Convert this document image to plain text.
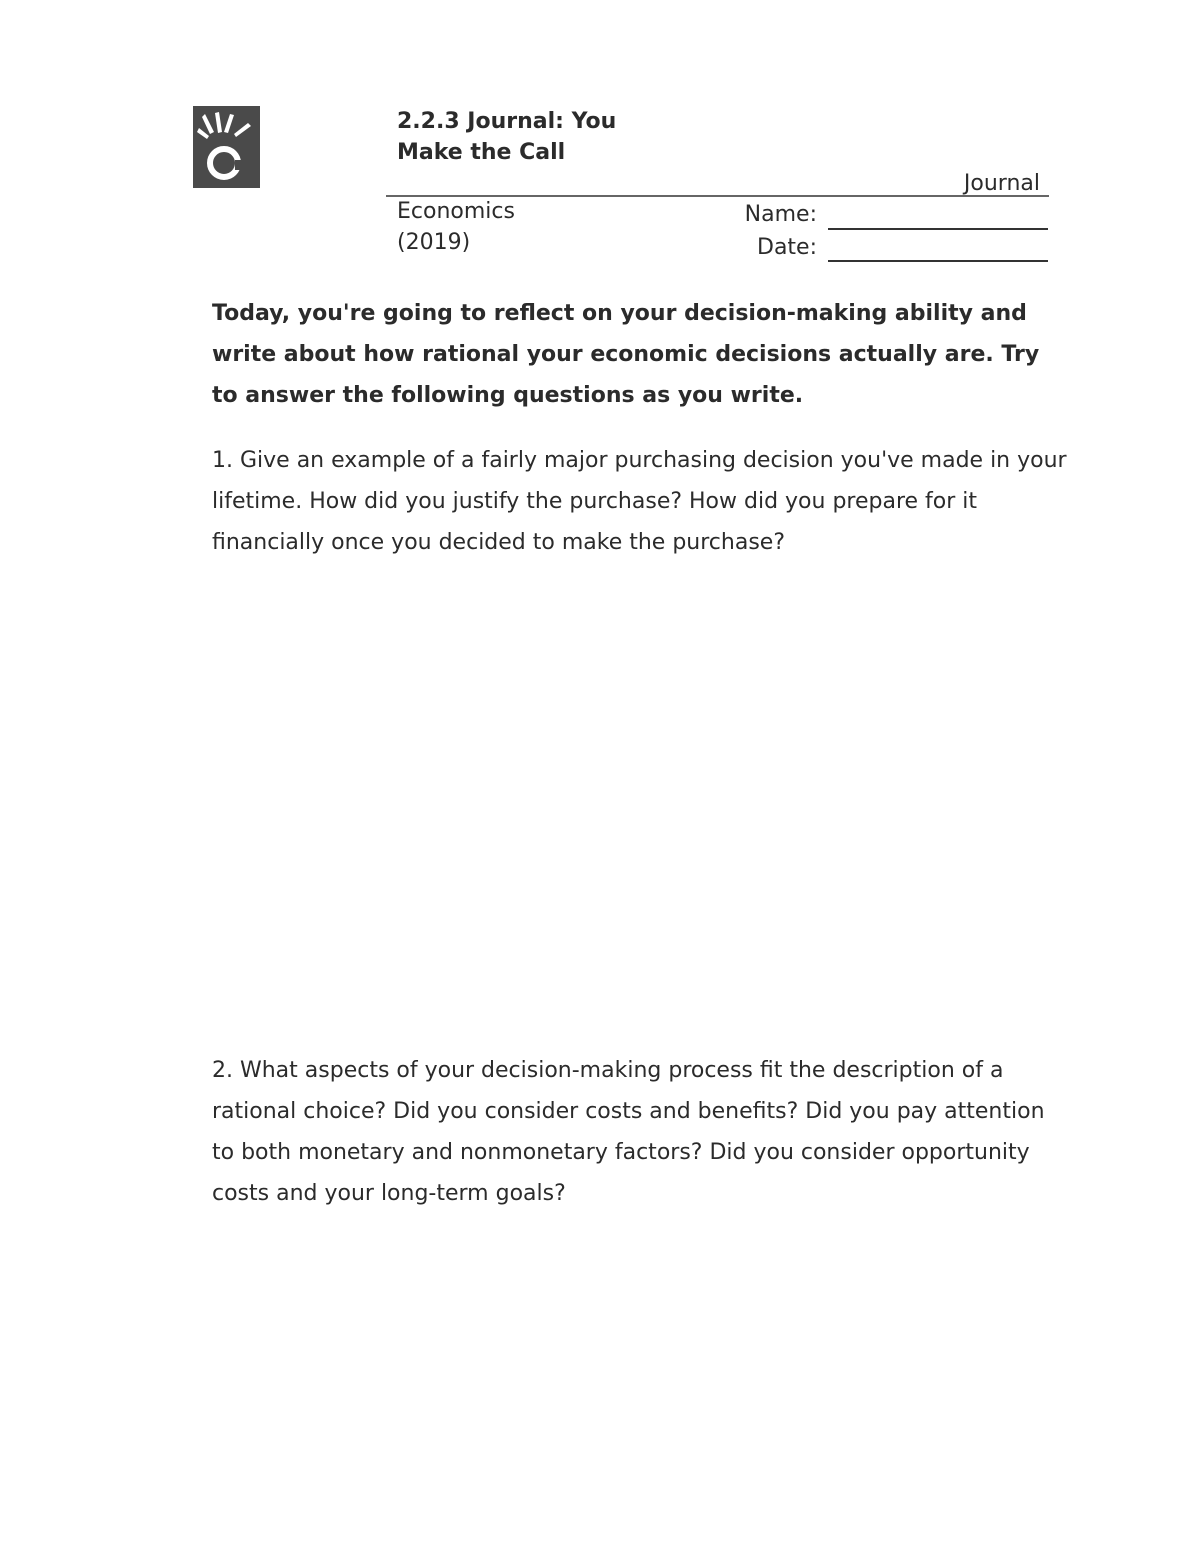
2.2.3 Journal: You Make the Call
Journal
Economics
(2019)
Name:
Date:
Today, you're going to reflect on your decision-making ability and write about how rational your economic decisions actually are. Try to answer the following questions as you write.
1. Give an example of a fairly major purchasing decision you've made in your lifetime. How did you justify the purchase? How did you prepare for it financially once you decided to make the purchase?
2. What aspects of your decision-making process fit the description of a rational choice? Did you consider costs and benefits? Did you pay attention to both monetary and nonmonetary factors? Did you consider opportunity costs and your long-term goals?
